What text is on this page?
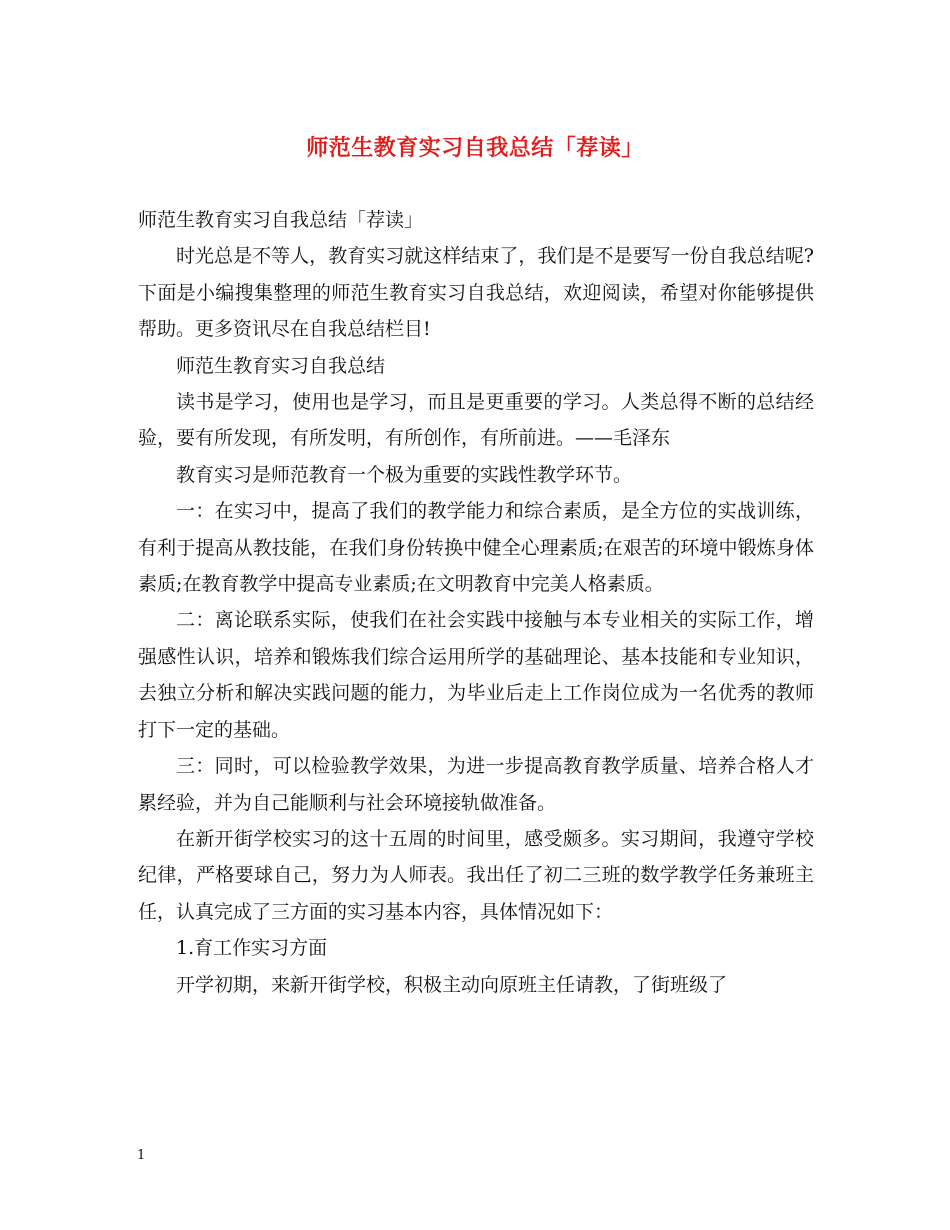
师范生教育实习自我总结「荐读」

师范生教育实习自我总结「荐读」

时光总是不等人，教育实习就这样结束了，我们是不是要写一份自我总结呢?下面是小编搜集整理的师范生教育实习自我总结，欢迎阅读，希望对你能够提供帮助。更多资讯尽在自我总结栏目!

师范生教育实习自我总结

读书是学习，使用也是学习，而且是更重要的学习。人类总得不断的总结经验，要有所发现，有所发明，有所创作，有所前进。——毛泽东

教育实习是师范教育一个极为重要的实践性教学环节。

一：在实习中，提高了我们的教学能力和综合素质，是全方位的实战训练，有利于提高从教技能，在我们身份转换中健全心理素质;在艰苦的环境中锻炼身体素质;在教育教学中提高专业素质;在文明教育中完美人格素质。

二：离论联系实际，使我们在社会实践中接触与本专业相关的实际工作，增强感性认识，培养和锻炼我们综合运用所学的基础理论、基本技能和专业知识，去独立分析和解决实践问题的能力，为毕业后走上工作岗位成为一名优秀的教师打下一定的基础。

三：同时，可以检验教学效果，为进一步提高教育教学质量、培养合格人才累经验，并为自己能顺利与社会环境接轨做准备。

在新开街学校实习的这十五周的时间里，感受颇多。实习期间，我遵守学校纪律，严格要球自己，努力为人师表。我出任了初二三班的数学教学任务兼班主任，认真完成了三方面的实习基本内容，具体情况如下：

1.育工作实习方面

开学初期，来新开街学校，积极主动向原班主任请教，了街班级了

1
